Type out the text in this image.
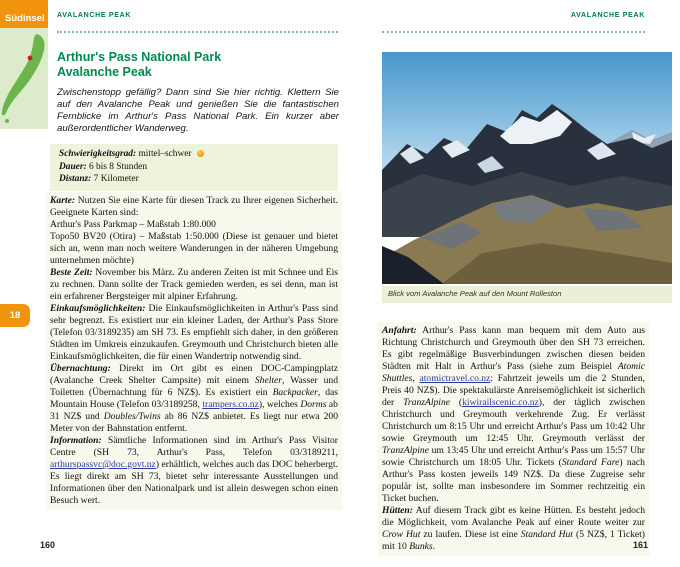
Südinsel
18
AVALANCHE PEAK
Arthur's Pass National Park
Avalanche Peak
Zwischenstopp gefällig? Dann sind Sie hier richtig. Klettern Sie auf den Avalanche Peak und genießen Sie die fantastischen Fernblicke im Arthur's Pass National Park. Ein kurzer aber außerordentlicher Wanderweg.
Schwierigkeitsgrad: mittel–schwer
Dauer: 6 bis 8 Stunden
Distanz: 7 Kilometer

Karte: Nutzen Sie eine Karte für diesen Track zu Ihrer eigenen Sicherheit. Geeignete Karten sind:
Arthur's Pass Parkmap – Maßstab 1:80.000
Topo50 BV20 (Otira) – Maßstab 1:50.000 (Diese ist genauer und bietet sich an, wenn man noch weitere Wanderungen in der näheren Umgebung unternehmen möchte)

Beste Zeit: November bis März. Zu anderen Zeiten ist mit Schnee und Eis zu rechnen. Dann sollte der Track gemieden werden, es sei denn, man ist ein erfahrener Bergsteiger mit alpiner Erfahrung.

Einkaufsmöglichkeiten: Die Einkaufsmöglichkeiten in Arthur's Pass sind sehr begrenzt. Es existiert nur ein kleiner Laden, der Arthur's Pass Store (Telefon 03/3189235) am SH 73. Es empfiehlt sich daher, in den größeren Städten im Umkreis einzukaufen. Greymouth und Christchurch bieten alle Einkaufsmöglichkeiten, die für einen Wandertrip notwendig sind.

Übernachtung: Direkt im Ort gibt es einen DOC-Campingplatz (Avalanche Creek Shelter Campsite) mit einem Shelter, Wasser und Toiletten (Übernachtung für 6 NZ$). Es existiert ein Backpacker, das Mountain House (Telefon 03/3189258, trampers.co.nz), welches Dorms ab 31 NZ$ und Doubles/Twins ab 86 NZ$ anbietet. Es liegt nur etwa 200 Meter von der Bahnstation entfernt.

Information: Sämtliche Informationen sind im Arthur's Pass Visitor Centre (SH 73, Arthur's Pass, Telefon 03/3189211, arthurspassvc@doc.govt.nz) erhältlich, welches auch das DOC beherbergt. Es liegt direkt am SH 73, bietet sehr interessante Ausstellungen und Informationen über den Nationalpark und ist allein deswegen schon einen Besuch wert.

160
AVALANCHE PEAK
Blick vom Avalanche Peak auf den Mount Rolleston

Anfahrt: Arthur's Pass kann man bequem mit dem Auto aus Richtung Christchurch und Greymouth über den SH 73 erreichen. Es gibt regelmäßige Busverbindungen zwischen diesen beiden Städten mit Halt in Arthur's Pass (siehe zum Beispiel Atomic Shuttles, atomictravel.co.nz: Fahrtzeit jeweils um die 2 Stunden, Preis 40 NZ$). Die spektakulärste Anreisemöglichkeit ist sicherlich der TranzAlpine (kiwirailscenic.co.nz), der täglich zwischen Christchurch und Greymouth verkehrende Zug. Er verlässt Christchurch um 8:15 Uhr und erreicht Arthur's Pass um 10:42 Uhr sowie Greymouth um 12:45 Uhr. Greymouth verlässt der TranzAlpine um 13:45 Uhr und erreicht Arthur's Pass um 15:57 Uhr sowie Christchurch um 18:05 Uhr. Tickets (Standard Fare) nach Arthur's Pass kosten jeweils 149 NZ$. Da diese Zugreise sehr populär ist, sollte man insbesondere im Sommer rechtzeitig ein Ticket buchen.

Hütten: Auf diesem Track gibt es keine Hütten. Es besteht jedoch die Möglichkeit, vom Avalanche Peak auf einer Route weiter zur Crow Hut zu laufen. Diese ist eine Standard Hut (5 NZ$, 1 Ticket) mit 10 Bunks.	161
